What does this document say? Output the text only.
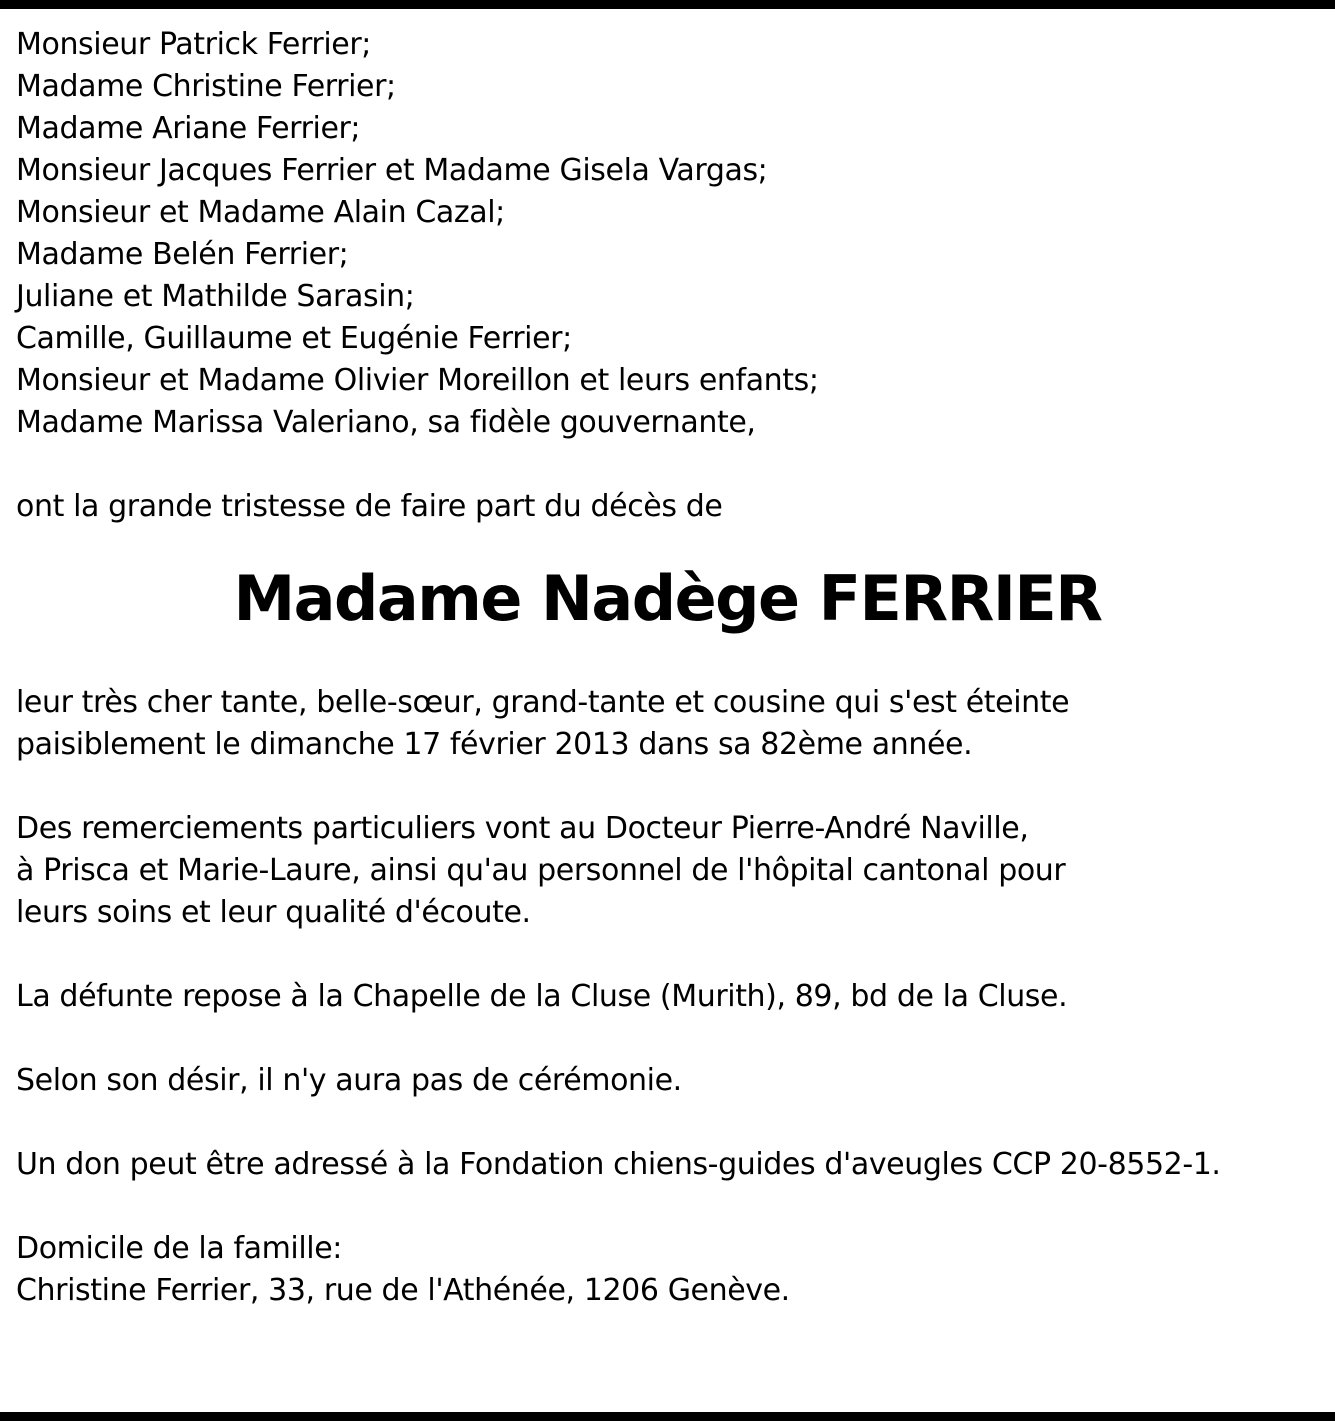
Monsieur Patrick Ferrier;
Madame Christine Ferrier;
Madame Ariane Ferrier;
Monsieur Jacques Ferrier et Madame Gisela Vargas;
Monsieur et Madame Alain Cazal;
Madame Belén Ferrier;
Juliane et Mathilde Sarasin;
Camille, Guillaume et Eugénie Ferrier;
Monsieur et Madame Olivier Moreillon et leurs enfants;
Madame Marissa Valeriano, sa fidèle gouvernante,
ont la grande tristesse de faire part du décès de
Madame Nadège FERRIER
leur très cher tante, belle-sœur, grand-tante et cousine qui s'est éteinte
paisiblement le dimanche 17 février 2013 dans sa 82ème année.
Des remerciements particuliers vont au Docteur Pierre-André Naville,
à Prisca et Marie-Laure, ainsi qu'au personnel de l'hôpital cantonal pour
leurs soins et leur qualité d'écoute.
La défunte repose à la Chapelle de la Cluse (Murith), 89, bd de la Cluse.
Selon son désir, il n'y aura pas de cérémonie.
Un don peut être adressé à la Fondation chiens-guides d'aveugles CCP 20-8552-1.
Domicile de la famille:
Christine Ferrier, 33, rue de l'Athénée, 1206 Genève.
